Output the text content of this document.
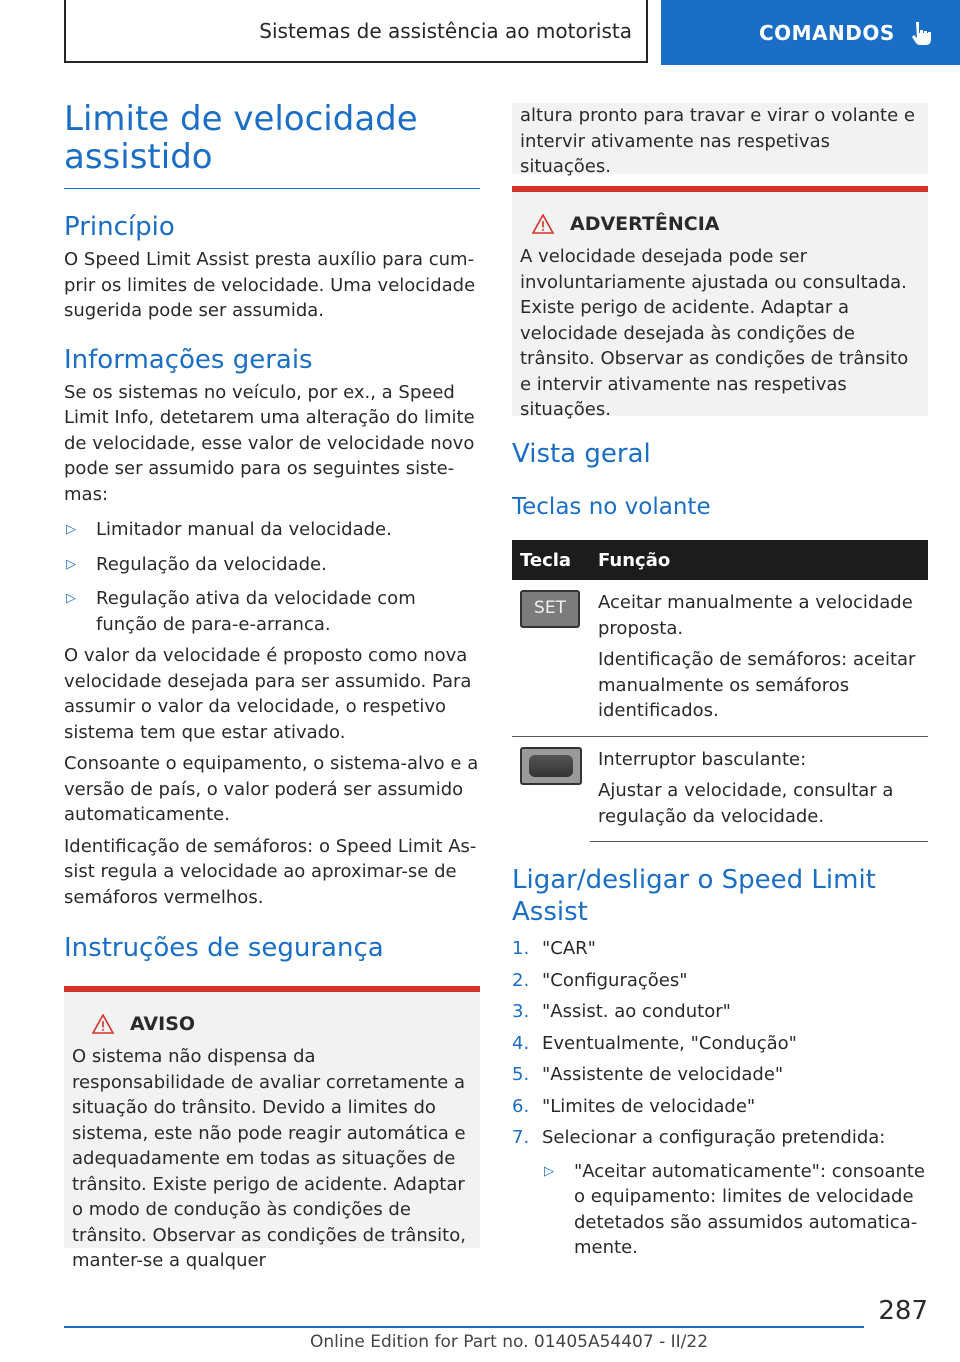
Sistemas de assistência ao motorista	COMANDOS
Limite de velocidade assistido
Princípio

O Speed Limit Assist presta auxílio para cumprir os limites de velocidade. Uma velocidade sugerida pode ser assumida.

Informações gerais

Se os sistemas no veículo, por ex., a Speed Limit Info, detetarem uma alteração do limite de velocidade, esse valor de velocidade novo pode ser assumido para os seguintes sistemas:

▷	Limitador manual da velocidade.
▷	Regulação da velocidade.
▷	Regulação ativa da velocidade com função de para-e-arranca.

O valor da velocidade é proposto como nova velocidade desejada para ser assumido. Para assumir o valor da velocidade, o respetivo sistema tem que estar ativado.

Consoante o equipamento, o sistema-alvo e a versão de país, o valor poderá ser assumido automaticamente.

Identificação de semáforos: o Speed Limit Assist regula a velocidade ao aproximar-se de semáforos vermelhos.

Instruções de segurança
AVISO

O sistema não dispensa da responsabilidade de avaliar corretamente a situação do trânsito. Devido a limites do sistema, este não pode reagir automática e adequadamente em todas as situações de trânsito. Existe perigo de acidente. Adaptar o modo de condução às condições de trânsito. Observar as condições de trânsito, manter-se a qualquer

altura pronto para travar e virar o volante e intervir ativamente nas respetivas situações.

ADVERTÊNCIA

A velocidade desejada pode ser involuntariamente ajustada ou consultada. Existe perigo de acidente. Adaptar a velocidade desejada às condições de trânsito. Observar as condições de trânsito e intervir ativamente nas respetivas situações.

Vista geral
Teclas no volante
Tecla	Função

SET	Aceitar manualmente a velocidade proposta.
Identificação de semáforos: aceitar manualmente os semáforos identificados.

	Interruptor basculante:
Ajustar a velocidade, consultar a regulação da velocidade.
Ligar/desligar o Speed Limit Assist
1. "CAR"
2. "Configurações"
3. "Assist. ao condutor"
4. Eventualmente, "Condução"
5. "Assistente de velocidade"
6. "Limites de velocidade"
7. Selecionar a configuração pretendida:
▷	"Aceitar automaticamente": consoante o equipamento: limites de velocidade detetados são assumidos automaticamente.
287
Online Edition for Part no. 01405A54407 - II/22
